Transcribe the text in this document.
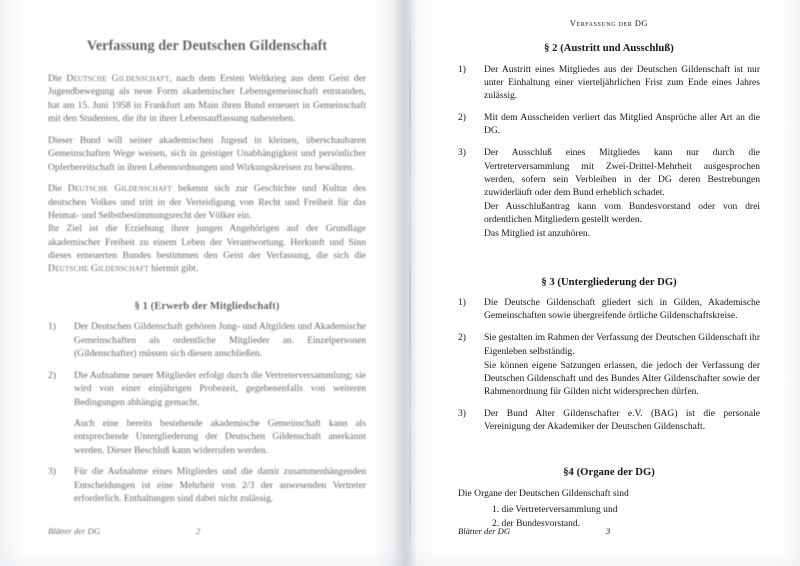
Verfassung der Deutschen Gildenschaft

Die Deutsche Gildenschaft, nach dem Ersten Weltkrieg aus dem Geist der Jugendbewegung als neue Form akademischer Lebensgemeinschaft entstanden, hat am 15. Juni 1958 in Frankfurt am Main ihren Bund erneuert in Gemeinschaft mit den Studenten, die ihr in ihrer Lebensauffassung nahestehen.

Dieser Bund will seiner akademischen Jugend in kleinen, überschaubaren Gemeinschaften Wege weisen, sich in geistiger Unabhängigkeit und persönlicher Opferbereitschaft in ihren Lebensordnungen und Wirkungskreisen zu bewähren.

Die Deutsche Gildenschaft bekennt sich zur Geschichte und Kultur des deutschen Volkes und tritt in der Verteidigung von Recht und Freiheit für das Heimat- und Selbstbestimmungsrecht der Völker ein.

Ihr Ziel ist die Erziehung ihrer jungen Angehörigen auf der Grundlage akademischer Freiheit zu einem Leben der Verantwortung. Herkunft und Sinn dieses erneuerten Bundes bestimmen den Geist der Verfassung, die sich die Deutsche Gildenschaft hiermit gibt.

§ 1 (Erwerb der Mitgliedschaft)
1)	Der Deutschen Gildenschaft gehören Jung- und Altgilden und Akademische Gemeinschaften als ordentliche Mitglieder an. Einzelpersonen (Gildenschafter) müssen sich diesen anschließen.
2)	Die Aufnahme neuer Mitglieder erfolgt durch die Vertreterversammlung; sie wird von einer einjährigen Probezeit, gegebenenfalls von weiteren Bedingungen abhängig gemacht.
Auch eine bereits bestehende akademische Gemeinschaft kann als entsprechende Untergliederung der Deutschen Gildenschaft anerkannt werden. Dieser Beschluß kann widerrufen werden.
3)	Für die Aufnahme eines Mitgliedes und die damit zusammenhängenden Entscheidungen ist eine Mehrheit von 2/3 der anwesenden Vertreter erforderlich. Enthaltungen sind dabei nicht zulässig.
Blätter der DG	2
Verfassung der DG
§ 2 (Austritt und Ausschluß)
1)	Der Austritt eines Mitgliedes aus der Deutschen Gildenschaft ist nur unter Einhaltung einer vierteljährlichen Frist zum Ende eines Jahres zulässig.
2)	Mit dem Ausscheiden verliert das Mitglied Ansprüche aller Art an die DG.
3)	Der Ausschluß eines Mitgliedes kann nur durch die Vertreterversammlung mit Zwei-Drittel-Mehrheit ausgesprochen werden, sofern sein Verbleiben in der DG deren Bestrebungen zuwiderläuft oder dem Bund erheblich schadet.
Der Ausschlußantrag kann vom Bundesvorstand oder von drei ordentlichen Mitgliedern gestellt werden.
Das Mitglied ist anzuhören.
§ 3 (Untergliederung der DG)
1)	Die Deutsche Gildenschaft gliedert sich in Gilden, Akademische Gemeinschaften sowie übergreifende örtliche Gildenschaftskreise.
2)	Sie gestalten im Rahmen der Verfassung der Deutschen Gildenschaft ihr Eigenleben selbständig.
Sie können eigene Satzungen erlassen, die jedoch der Verfassung der Deutschen Gildenschaft und des Bundes Alter Gildenschafter sowie der Rahmenordnung für Gilden nicht widersprechen dürfen.
3)	Der Bund Alter Gildenschafter e.V. (BAG) ist die personale Vereinigung der Akademiker der Deutschen Gildenschaft.
§4 (Organe der DG)

Die Organe der Deutschen Gildenschaft sind

1. die Vertreterversammlung und
2. der Bundesvorstand.
Blätter der DG	3
